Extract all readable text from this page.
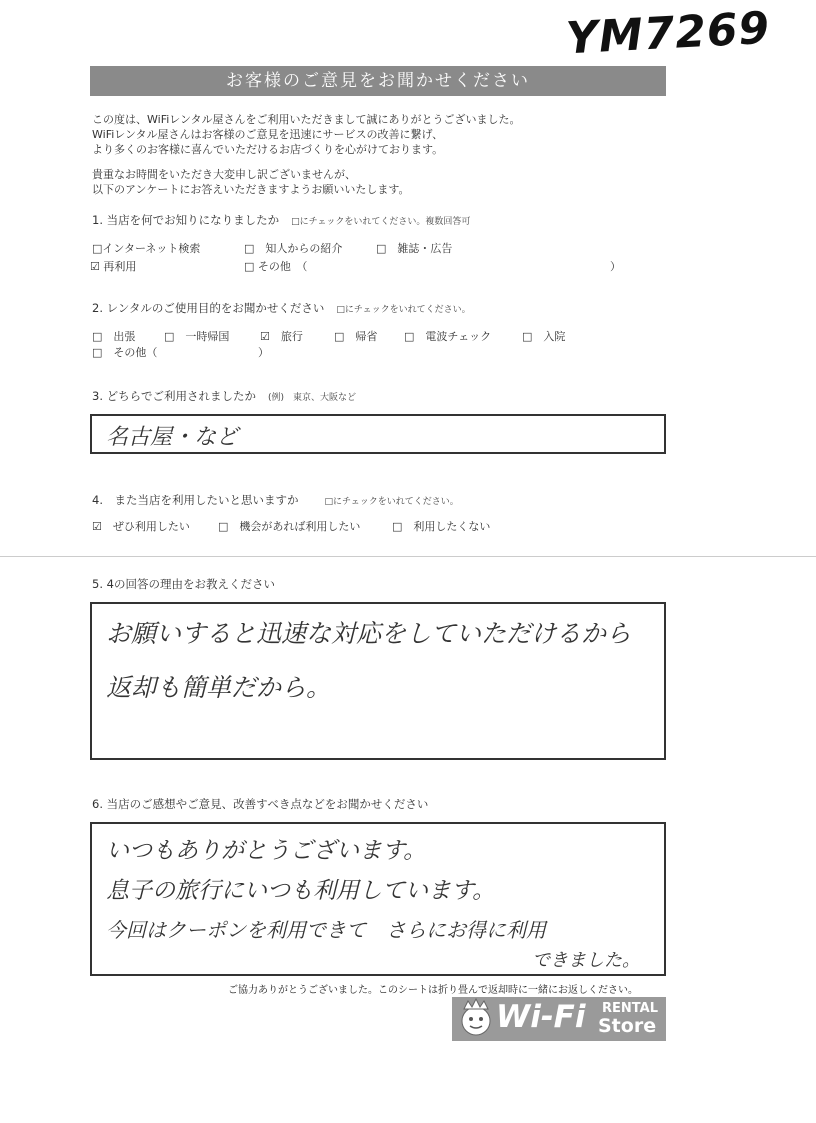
YM7269
お客様のご意見をお聞かせください
この度は、WiFiレンタル屋さんをご利用いただきまして誠にありがとうございました。
WiFiレンタル屋さんはお客様のご意見を迅速にサービスの改善に繋げ、
より多くのお客様に喜んでいただけるお店づくりを心がけております。
貴重なお時間をいただき大変申し訳ございませんが、
以下のアンケートにお答えいただきますようお願いいたします。
1. 当店を何でお知りになりましたか □にチェックをいれてください。複数回答可
□インターネット検索	□　知人からの紹介	□　雑誌・広告
☑ 再利用	□ その他　（	）
2. レンタルのご使用目的をお聞かせください □にチェックをいれてください。
□　出張	□　一時帰国	☑　旅行	□　帰省 □　電波チェック	□　入院
□　その他（	）
3. どちらでご利用されましたか (例)　東京、大阪など
名古屋・など
4.　また当店を利用したいと思いますか	□にチェックをいれてください。
☑　ぜひ利用したい	□　機会があれば利用したい	□　利用したくない
5. 4の回答の理由をお教えください
お願いすると迅速な対応をしていただけるから
返却も簡単だから。
6. 当店のご感想やご意見、改善すべき点などをお聞かせください
いつもありがとうございます。
息子の旅行にいつも利用しています。
今回はクーポンを利用できて　さらにお得に利用
できました。
ご協力ありがとうございました。このシートは折り畳んで返却時に一緒にお返しください。
Wi-Fi RENTAL
Store
